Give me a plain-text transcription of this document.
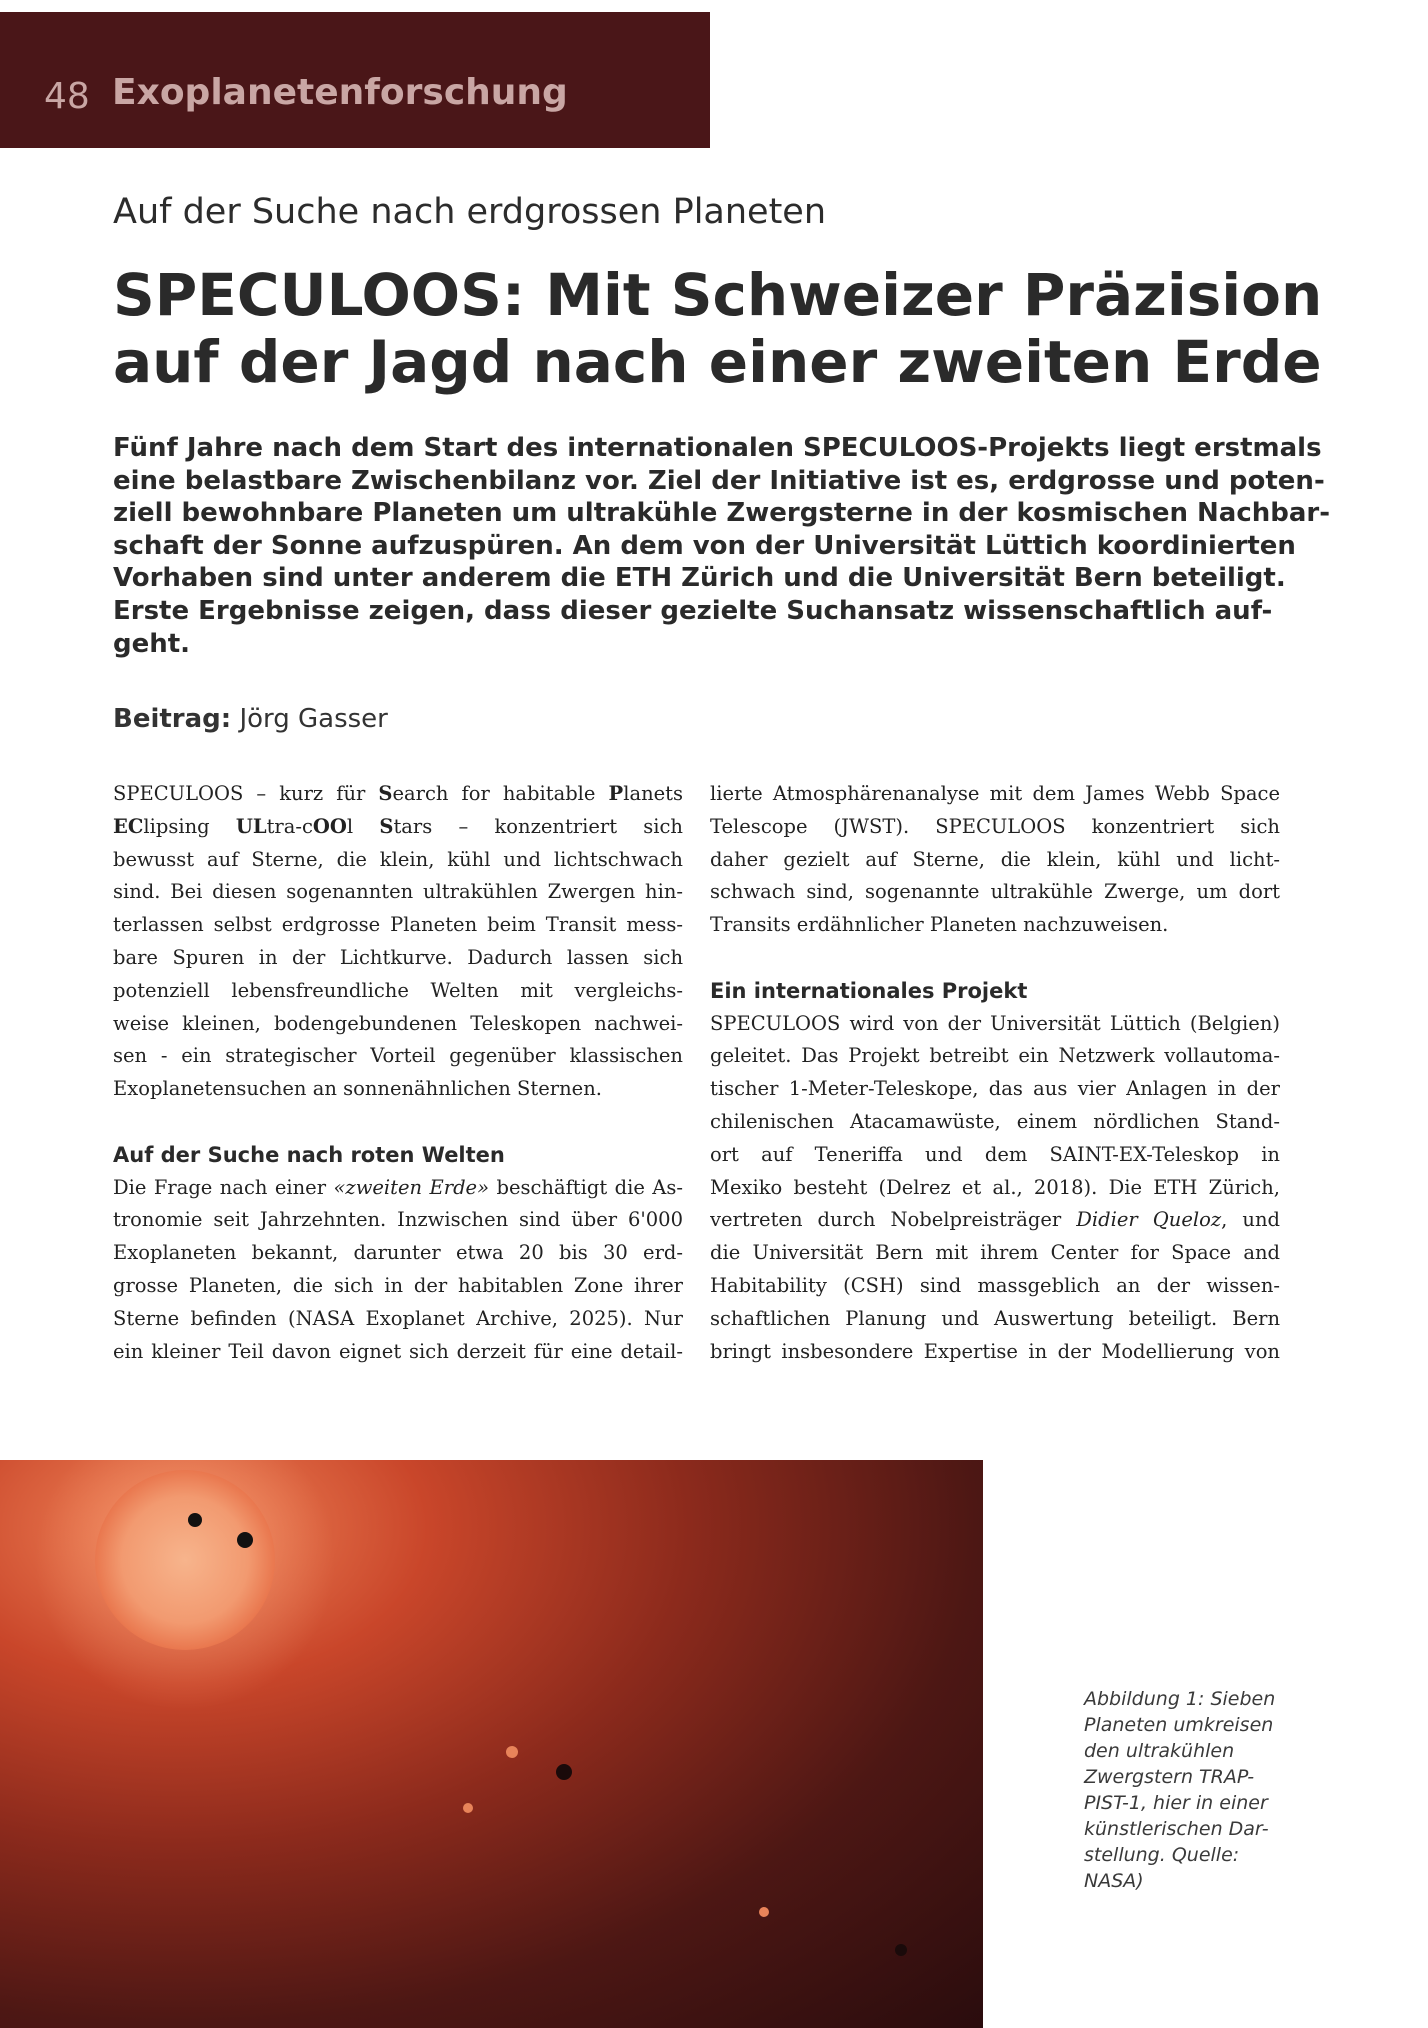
48 Exoplanetenforschung
Auf der Suche nach erdgrossen Planeten
SPECULOOS: Mit Schweizer Präzision
auf der Jagd nach einer zweiten Erde
Fünf Jahre nach dem Start des internationalen SPECULOOS-Projekts liegt erstmals
eine belastbare Zwischenbilanz vor. Ziel der Initiative ist es, erdgrosse und poten-
ziell bewohnbare Planeten um ultrakühle Zwergsterne in der kosmischen Nachbar-
schaft der Sonne aufzuspüren. An dem von der Universität Lüttich koordinierten
Vorhaben sind unter anderem die ETH Zürich und die Universität Bern beteiligt.
Erste Ergebnisse zeigen, dass dieser gezielte Suchansatz wissenschaftlich auf-
geht.
Beitrag: Jörg Gasser
SPECULOOS – kurz für Search for habitable Planets
EClipsing ULtra-cOOl Stars – konzentriert sich
bewusst auf Sterne, die klein, kühl und lichtschwach
sind. Bei diesen sogenannten ultrakühlen Zwergen hin-
terlassen selbst erdgrosse Planeten beim Transit mess-
bare Spuren in der Lichtkurve. Dadurch lassen sich
potenziell lebensfreundliche Welten mit vergleichs-
weise kleinen, bodengebundenen Teleskopen nachwei-
sen - ein strategischer Vorteil gegenüber klassischen
Exoplanetensuchen an sonnenähnlichen Sternen.
Auf der Suche nach roten Welten
Die Frage nach einer «zweiten Erde» beschäftigt die As-
tronomie seit Jahrzehnten. Inzwischen sind über 6'000
Exoplaneten bekannt, darunter etwa 20 bis 30 erd-
grosse Planeten, die sich in der habitablen Zone ihrer
Sterne befinden (NASA Exoplanet Archive, 2025). Nur
ein kleiner Teil davon eignet sich derzeit für eine detail-
lierte Atmosphärenanalyse mit dem James Webb Space
Telescope (JWST). SPECULOOS konzentriert sich
daher gezielt auf Sterne, die klein, kühl und licht-
schwach sind, sogenannte ultrakühle Zwerge, um dort
Transits erdähnlicher Planeten nachzuweisen.
Ein internationales Projekt
SPECULOOS wird von der Universität Lüttich (Belgien)
geleitet. Das Projekt betreibt ein Netzwerk vollautoma-
tischer 1-Meter-Teleskope, das aus vier Anlagen in der
chilenischen Atacamawüste, einem nördlichen Stand-
ort auf Teneriffa und dem SAINT-EX-Teleskop in
Mexiko besteht (Delrez et al., 2018). Die ETH Zürich,
vertreten durch Nobelpreisträger Didier Queloz, und
die Universität Bern mit ihrem Center for Space and
Habitability (CSH) sind massgeblich an der wissen-
schaftlichen Planung und Auswertung beteiligt. Bern
bringt insbesondere Expertise in der Modellierung von
Abbildung 1: Sieben
Planeten umkreisen
den ultrakühlen
Zwergstern TRAP-
PIST-1, hier in einer
künstlerischen Dar-
stellung. Quelle:
NASA)
